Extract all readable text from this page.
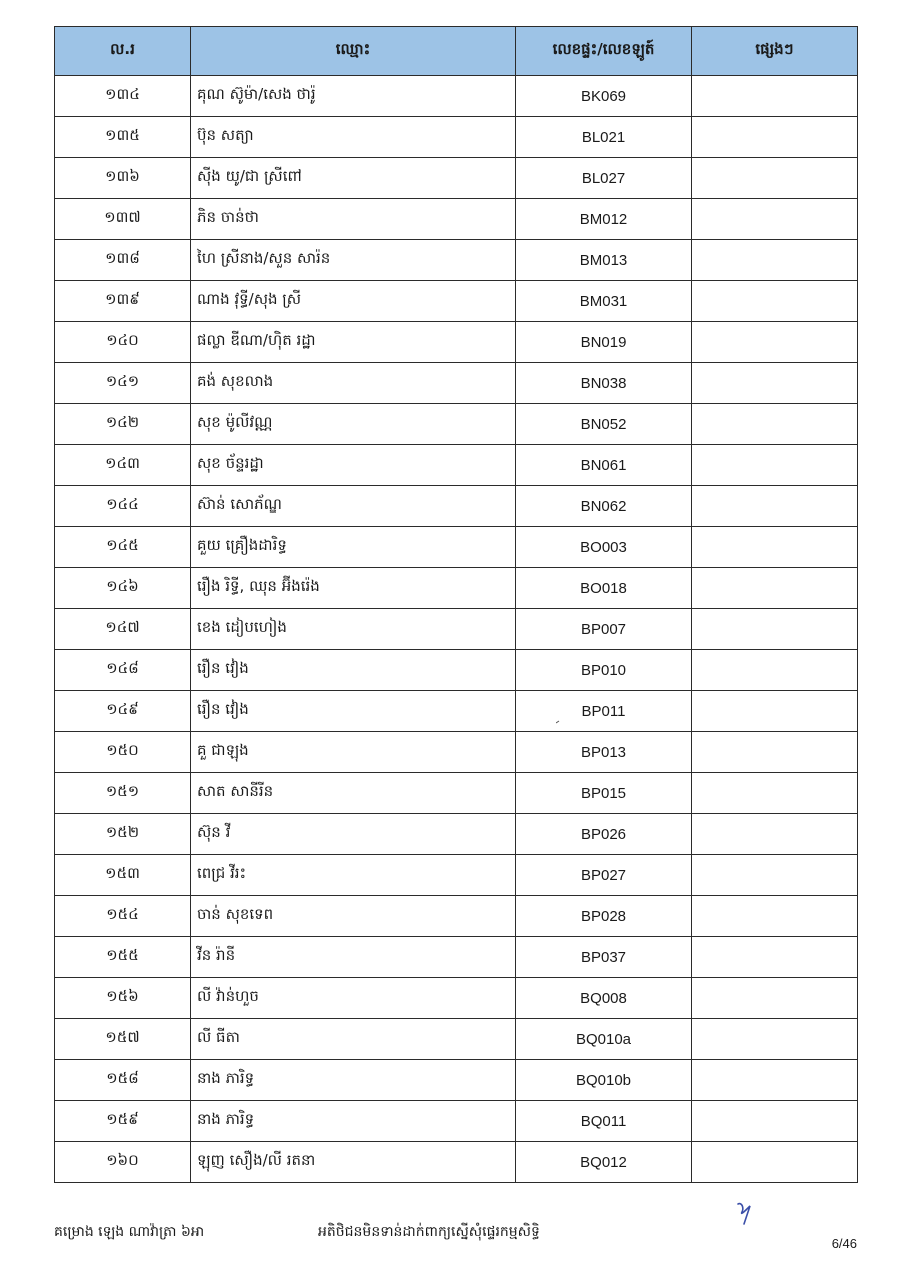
ល.រ	ឈ្មោះ	លេខផ្ទះ/លេខឡូត៍	ផ្សេងៗ
១៣៤	គុណ ស៊ូម៉ា/សេង ថារ៉ូ	BK069	
១៣៥	ប៊ុន សត្យា	BL021	
១៣៦	ស៊ីង យូ/ជា ស្រីពៅ	BL027	
១៣៧	ភិន ចាន់ថា	BM012	
១៣៨	ហៃ ស្រីនាង/សួន សារ៉ន	BM013	
១៣៩	ណាង វុទ្ធី/សុង ស្រី	BM031	
១៤០	ផល្លា ឌីណា/ហ៊ិត រដ្ឋា	BN019	
១៤១	គង់ សុខលាង	BN038	
១៤២	សុខ ម៉ូលីវណ្ណ	BN052	
១៤៣	សុខ ច័ន្ទរដ្ឋា	BN061	
១៤៤	ស៊ាន់ សោភ័ណ្ឌ	BN062	
១៤៥	គួយ គ្រឿងដារិទ្ធ	BO003	
១៤៦	រឿង រិទ្ធី, ឈុន អ៊ីងរ៉េង	BO018	
១៤៧	ខេង ដៀបហៀង	BP007	
១៤៨	រឿន វៀង	BP010	
១៤៩	រឿន វៀង	BP011	
១៥០	គួ ជាឡុង	BP013	
១៥១	សាត សានីរីន	BP015	
១៥២	ស៊ុន វី	BP026	
១៥៣	ពេជ្រ វីរះ	BP027	
១៥៤	ចាន់ សុខទេព	BP028	
១៥៥	វីន រ៉ានី	BP037	
១៥៦	លី វ៉ាន់ហួច	BQ008	
១៥៧	លី ធីតា	BQ010a	
១៥៨	នាង ភារិទ្ធ	BQ010b	
១៥៩	នាង ភារិទ្ធ	BQ011	
១៦០	ឡុញ សឿង/លី រតនា	BQ012	
គម្រោង ឡេង ណាវ៉ាត្រា ៦អា	អតិថិជនមិនទាន់ដាក់ពាក្យស្នើសុំផ្ទេរកម្មសិទ្ធិ
6/46
